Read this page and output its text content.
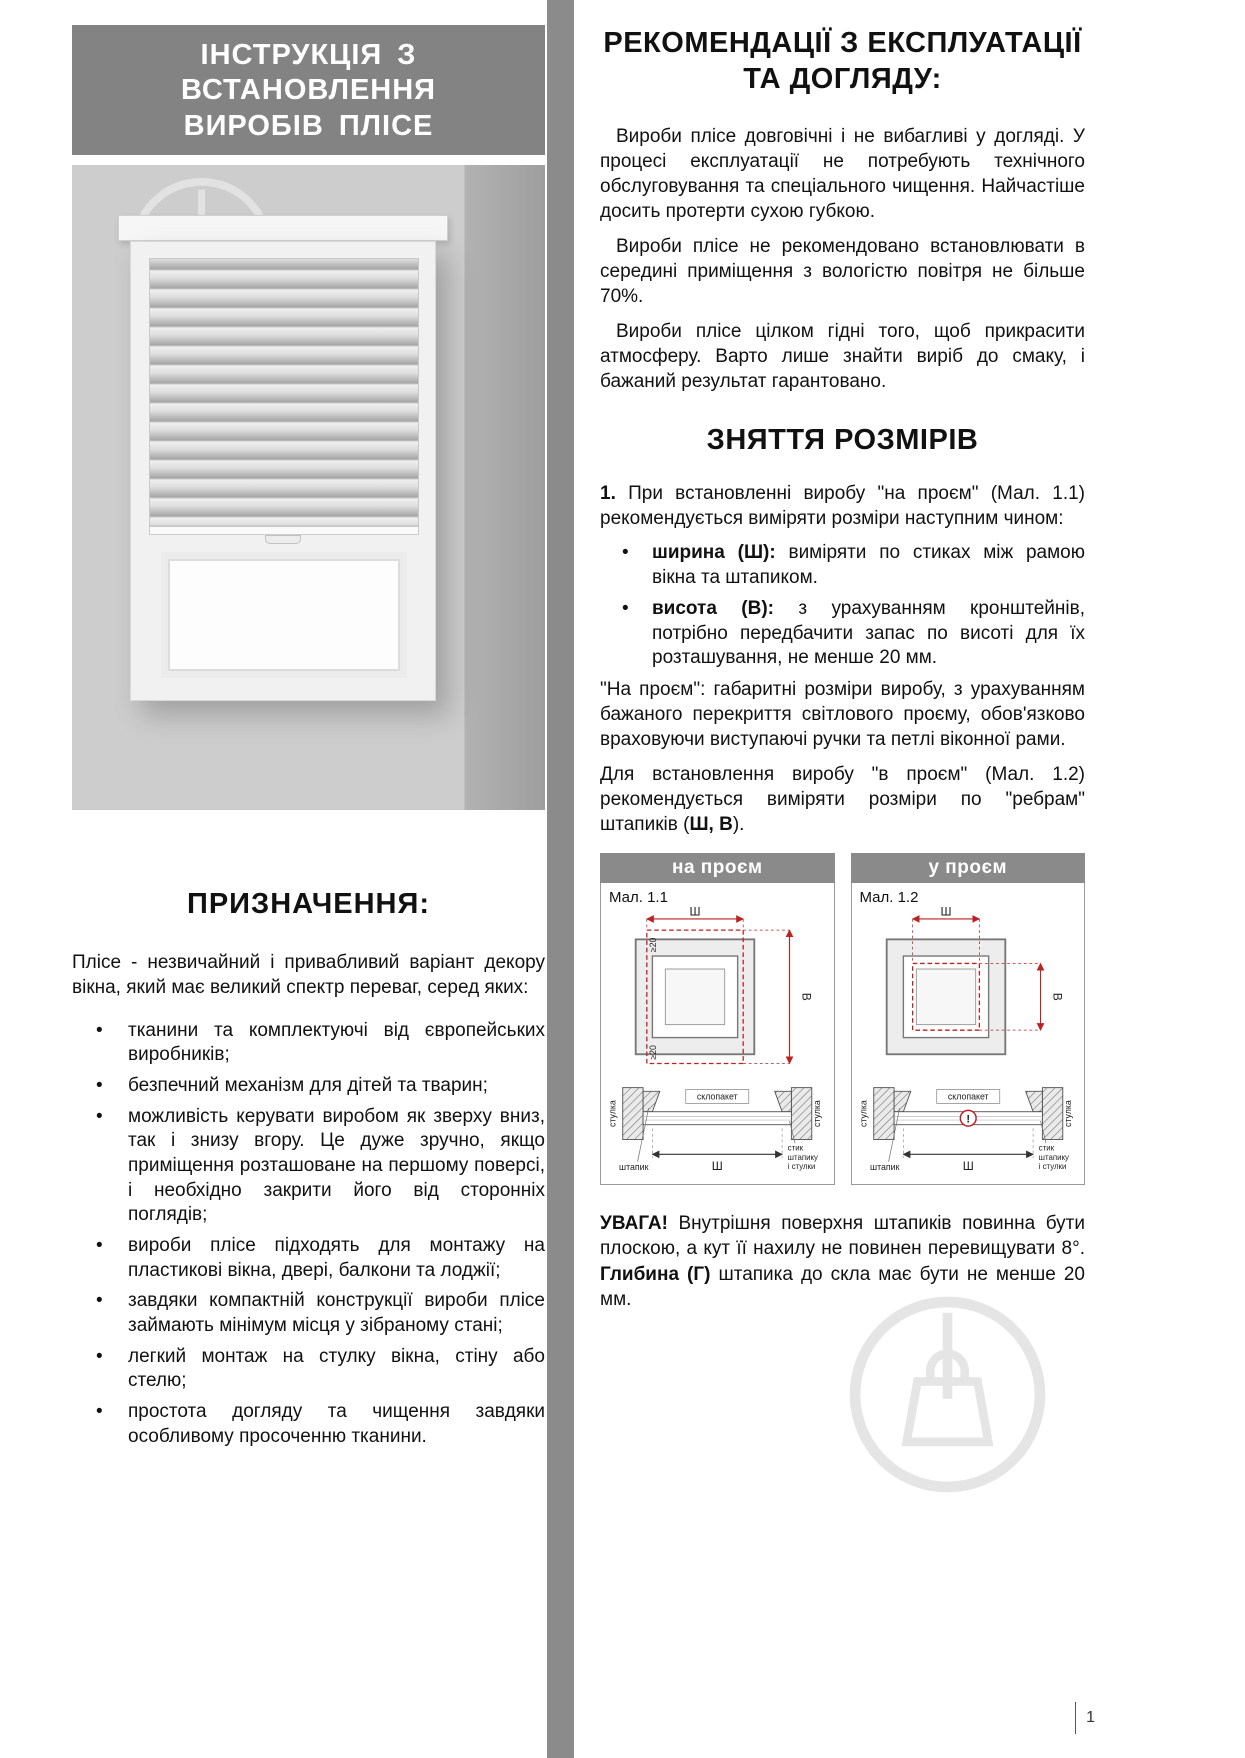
ІНСТРУКЦІЯ З ВСТАНОВЛЕННЯ
ВИРОБІВ ПЛІСЕ
ПРИЗНАЧЕННЯ:

Плісе - незвичайний і привабливий варіант декору вікна, який має великий спектр переваг, серед яких:

• тканини та комплектуючі від європейських виробників;
• безпечний механізм для дітей та тварин;
• можливість керувати виробом як зверху вниз, так і знизу вгору. Це дуже зручно, якщо приміщення розташоване на першому поверсі, і необхідно закрити його від сторонніх поглядів;
• вироби плісе підходять для монтажу на пластикові вікна, двері, балкони та лоджії;
• завдяки компактній конструкції вироби плісе займають мінімум місця у зібраному стані;
• легкий монтаж на стулку вікна, стіну або стелю;
• простота догляду та чищення завдяки особливому просоченню тканини.
РЕКОМЕНДАЦІЇ З ЕКСПЛУАТАЦІЇ
ТА ДОГЛЯДУ:

Вироби плісе довговічні і не вибагливі у догляді. У процесі експлуатації не потребують технічного обслуговування та спеціального чищення. Найчастіше досить протерти сухою губкою.

Вироби плісе не рекомендовано встановлювати в середині приміщення з вологістю повітря не більше 70%.

Вироби плісе цілком гідні того, щоб прикрасити атмосферу. Варто лише знайти виріб до смаку, і бажаний результат гарантовано.

ЗНЯТТЯ РОЗМІРІВ

1. При встановленні виробу "на проєм" (Мал. 1.1) рекомендується виміряти розміри наступним чином:

• ширина (Ш): виміряти по стиках між рамою вікна та штапиком.
• висота (В): з урахуванням кронштейнів, потрібно передбачити запас по висоті для їх розташування, не менше 20 мм.

"На проєм": габаритні розміри виробу, з урахуванням бажаного перекриття світлового проєму, обов'язково враховуючи виступаючі ручки та петлі віконної рами.

Для встановлення виробу "в проєм" (Мал. 1.2) рекомендується виміряти розміри по "ребрам" штапиків (Ш, В).

на проєм
Мал. 1.1
Ш
В
≥20
≥20
склопакет
стулка	стулка
Ш
штапик
стик
штапику
і стулки
у проєм
Мал. 1.2
Ш
В
склопакет
!
стулка	стулка
Ш
штапик
стик
штапику
і стулки

УВАГА! Внутрішня поверхня штапиків повинна бути плоскою, а кут її нахилу не повинен перевищувати 8°. Глибина (Г) штапика до скла має бути не менше 20 мм.

1
